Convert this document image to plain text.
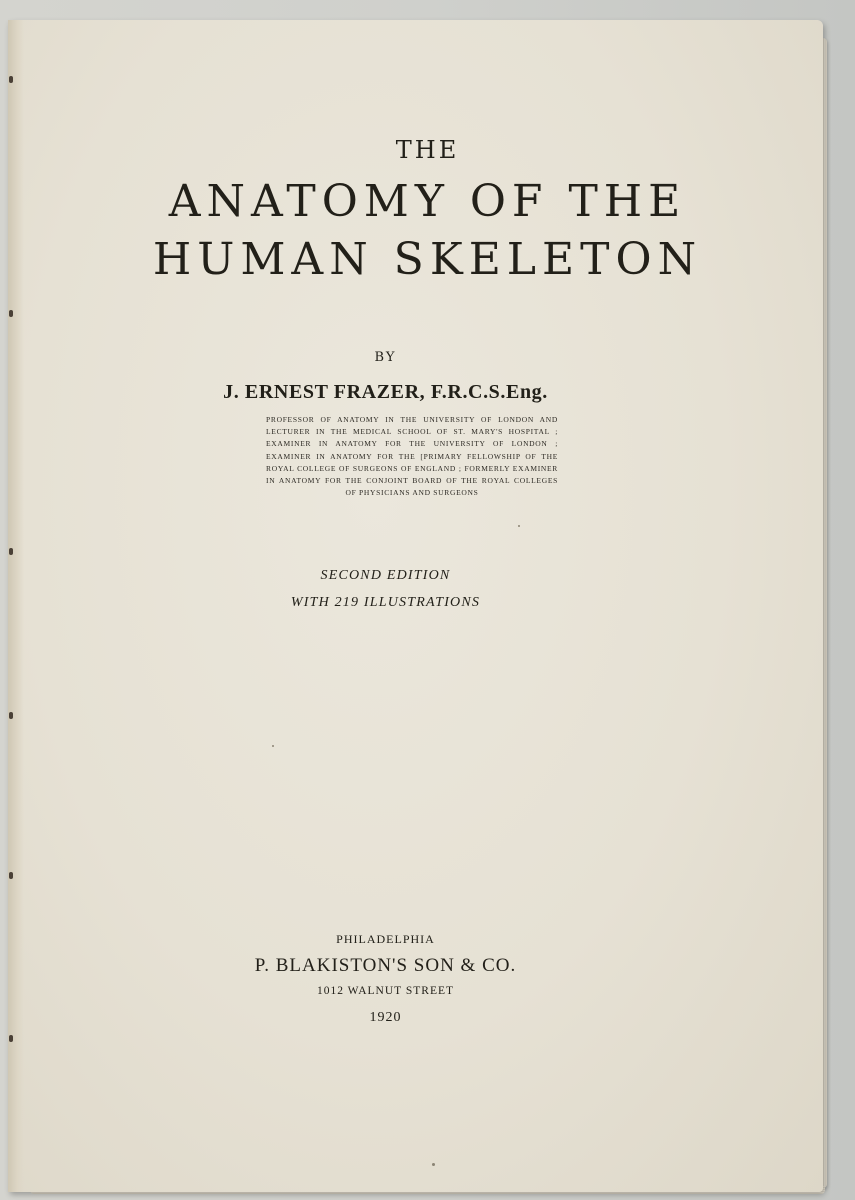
THE

ANATOMY OF THE

HUMAN SKELETON

BY

J. ERNEST FRAZER, F.R.C.S.Eng.

PROFESSOR OF ANATOMY IN THE UNIVERSITY OF LONDON AND LECTURER IN THE MEDICAL SCHOOL OF ST. MARY'S HOSPITAL ; EXAMINER IN ANATOMY FOR THE UNIVERSITY OF LONDON ; EXAMINER IN ANATOMY FOR THE [PRIMARY FELLOWSHIP OF THE ROYAL COLLEGE OF SURGEONS OF ENGLAND ; FORMERLY EXAMINER IN ANATOMY FOR THE CONJOINT BOARD OF THE ROYAL COLLEGES OF PHYSICIANS AND SURGEONS

SECOND EDITION

WITH 219 ILLUSTRATIONS

PHILADELPHIA

P. BLAKISTON'S SON & CO.

1012 WALNUT STREET

1920
